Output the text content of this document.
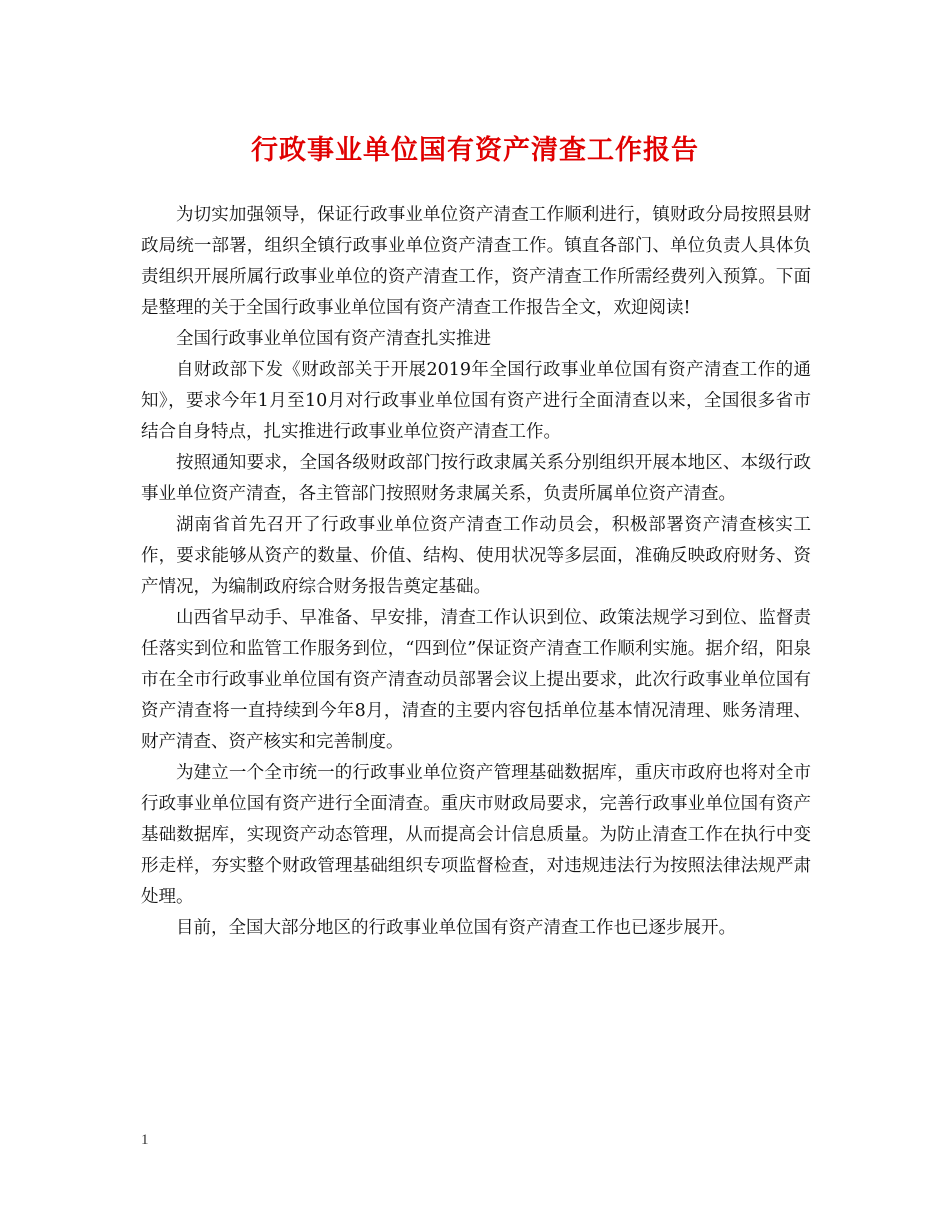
行政事业单位国有资产清查工作报告

为切实加强领导，保证行政事业单位资产清查工作顺利进行，镇财政分局按照县财政局统一部署，组织全镇行政事业单位资产清查工作。镇直各部门、单位负责人具体负责组织开展所属行政事业单位的资产清查工作，资产清查工作所需经费列入预算。下面是整理的关于全国行政事业单位国有资产清查工作报告全文，欢迎阅读!

全国行政事业单位国有资产清查扎实推进

自财政部下发《财政部关于开展2019年全国行政事业单位国有资产清查工作的通知》，要求今年1月至10月对行政事业单位国有资产进行全面清查以来，全国很多省市结合自身特点，扎实推进行政事业单位资产清查工作。

按照通知要求，全国各级财政部门按行政隶属关系分别组织开展本地区、本级行政事业单位资产清查，各主管部门按照财务隶属关系，负责所属单位资产清查。

湖南省首先召开了行政事业单位资产清查工作动员会，积极部署资产清查核实工作，要求能够从资产的数量、价值、结构、使用状况等多层面，准确反映政府财务、资产情况，为编制政府综合财务报告奠定基础。

山西省早动手、早准备、早安排，清查工作认识到位、政策法规学习到位、监督责任落实到位和监管工作服务到位，“四到位”保证资产清查工作顺利实施。据介绍，阳泉市在全市行政事业单位国有资产清查动员部署会议上提出要求，此次行政事业单位国有资产清查将一直持续到今年8月，清查的主要内容包括单位基本情况清理、账务清理、财产清查、资产核实和完善制度。

为建立一个全市统一的行政事业单位资产管理基础数据库，重庆市政府也将对全市行政事业单位国有资产进行全面清查。重庆市财政局要求，完善行政事业单位国有资产基础数据库，实现资产动态管理，从而提高会计信息质量。为防止清查工作在执行中变形走样，夯实整个财政管理基础组织专项监督检查，对违规违法行为按照法律法规严肃处理。

目前，全国大部分地区的行政事业单位国有资产清查工作也已逐步展开。

1
